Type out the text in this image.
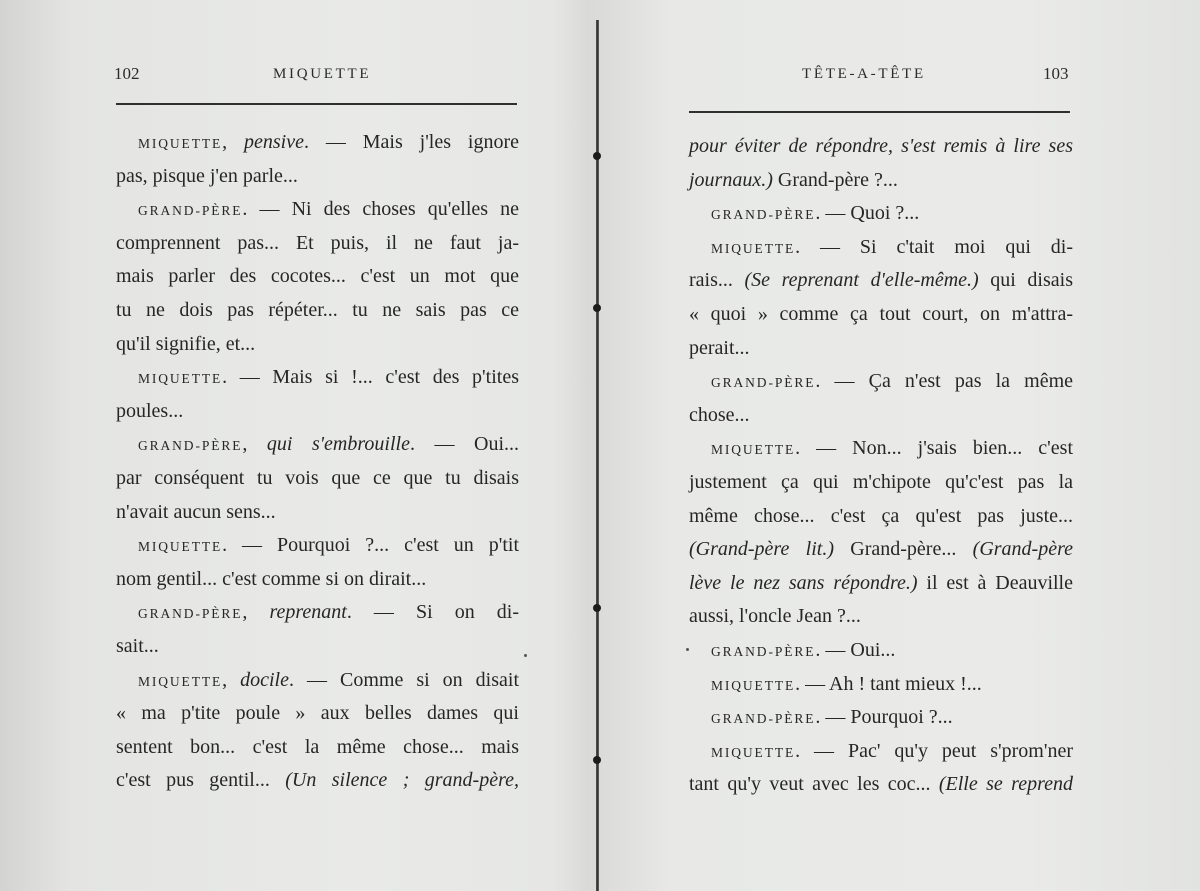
102	MIQUETTE
MIQUETTE, pensive. — Mais j'les ignore
pas, pisque j'en parle...
GRAND-PÈRE. — Ni des choses qu'elles ne
comprennent pas... Et puis, il ne faut ja-
mais parler des cocotes... c'est un mot que
tu ne dois pas répéter... tu ne sais pas ce
qu'il signifie, et...
MIQUETTE. — Mais si !... c'est des p'tites
poules...
GRAND-PÈRE, qui s'embrouille. — Oui...
par conséquent tu vois que ce que tu disais
n'avait aucun sens...
MIQUETTE. — Pourquoi ?... c'est un p'tit
nom gentil... c'est comme si on dirait...
GRAND-PÈRE, reprenant. — Si on di-
sait...
MIQUETTE, docile. — Comme si on disait
« ma p'tite poule » aux belles dames qui
sentent bon... c'est la même chose... mais
c'est pus gentil... (Un silence ; grand-père,
TÊTE-A-TÊTE	103
pour éviter de répondre, s'est remis à lire ses
journaux.) Grand-père ?...
GRAND-PÈRE. — Quoi ?...
MIQUETTE. — Si c'tait moi qui di-
rais... (Se reprenant d'elle-même.) qui disais
« quoi » comme ça tout court, on m'attra-
perait...
GRAND-PÈRE. — Ça n'est pas la même
chose...
MIQUETTE. — Non... j'sais bien... c'est
justement ça qui m'chipote qu'c'est pas la
même chose... c'est ça qu'est pas juste...
(Grand-père lit.) Grand-père... (Grand-père
lève le nez sans répondre.) il est à Deauville
aussi, l'oncle Jean ?...
GRAND-PÈRE. — Oui...
MIQUETTE. — Ah ! tant mieux !...
GRAND-PÈRE. — Pourquoi ?...
MIQUETTE. — Pac' qu'y peut s'prom'ner
tant qu'y veut avec les coc... (Elle se reprend
